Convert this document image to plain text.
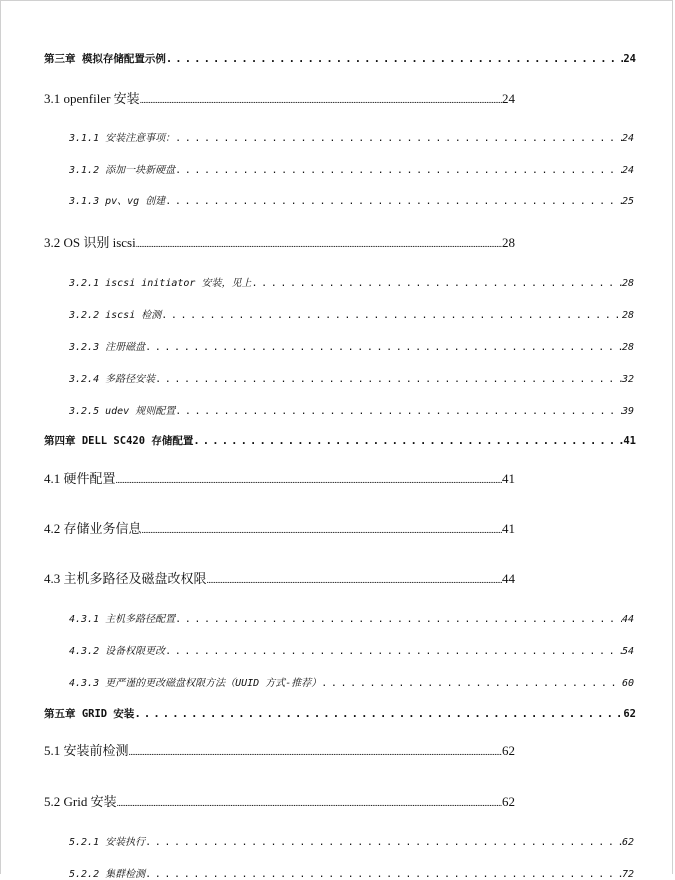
第三章 模拟存储配置示例 . . .	24
3.1 openfiler 安装 .....	24
3.1.1 安装注意事项： . . .	24
3.1.2 添加一块新硬盘 . . .	24
3.1.3 pv、vg 创建 . . .	25
3.2 OS 识别 iscsi .....	28
3.2.1 iscsi initiator 安装，见上 . . .	28
3.2.2 iscsi 检测 . . .	28
3.2.3 注册磁盘 . . .	28
3.2.4 多路径安装 . . .	32
3.2.5 udev 规则配置 . . .	39
第四章 DELL SC420 存储配置 . . .	41
4.1 硬件配置 .....	41
4.2 存储业务信息 .....	41
4.3 主机多路径及磁盘改权限 .....	44
4.3.1 主机多路径配置 . . .	44
4.3.2 设备权限更改 . . .	54
4.3.3 更严谨的更改磁盘权限方法（UUID 方式-推荐） . . .	60
第五章 GRID 安装 . . .	62
5.1 安装前检测 .....	62
5.2 Grid 安装 .....	62
5.2.1 安装执行 . . .	62
5.2.2 集群检测 . . .	72
